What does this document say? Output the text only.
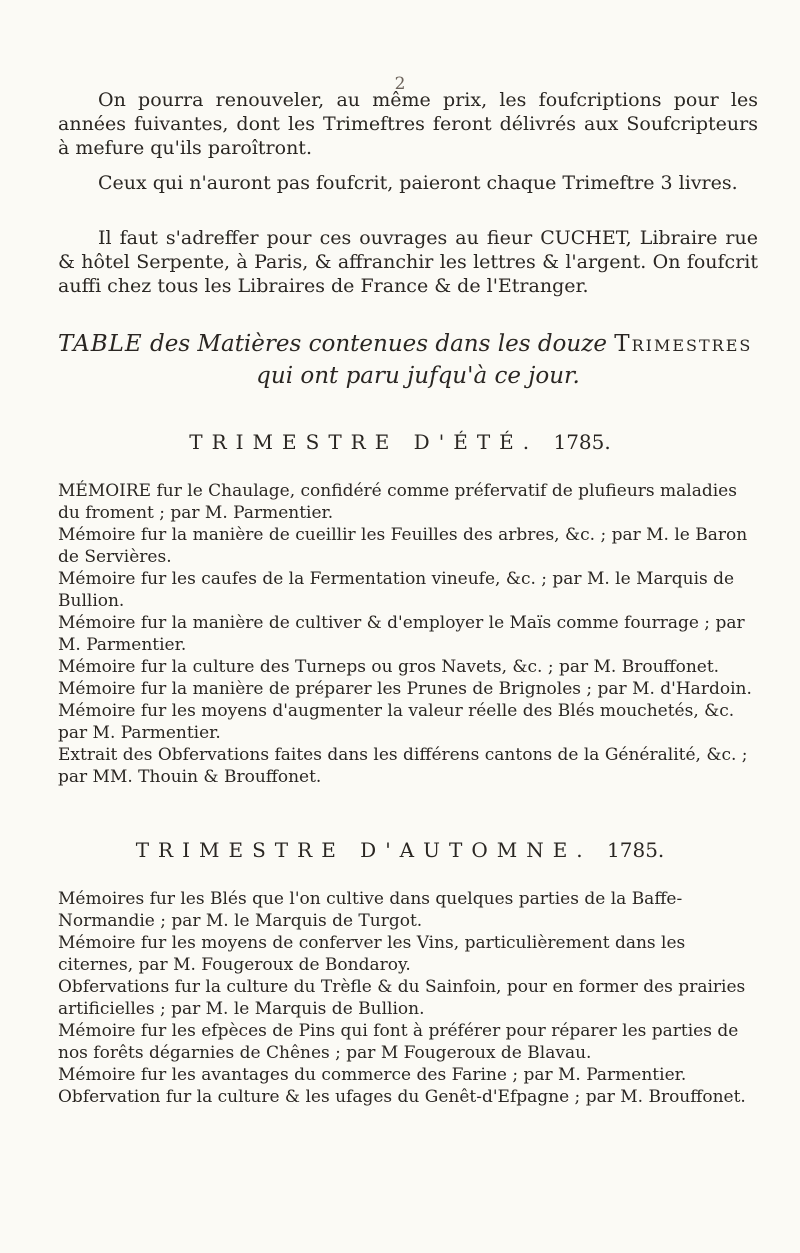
2

On pourra renouveler, au même prix, les foufcriptions pour les années fuivantes, dont les Trimeftres feront délivrés aux Soufcripteurs à mefure qu'ils paroîtront.

Ceux qui n'auront pas foufcrit, paieront chaque Trimeftre 3 livres.

Il faut s'adreffer pour ces ouvrages au fieur CUCHET, Libraire rue & hôtel Serpente, à Paris, & affranchir les lettres & l'argent. On foufcrit auffi chez tous les Libraires de France & de l'Etranger.

TABLE des Matières contenues dans les douze Trimestres
qui ont paru jufqu'à ce jour.
TRIMESTRE D'ÉTÉ. 1785.

MÉMOIRE fur le Chaulage, confidéré comme préfervatif de plufieurs maladies du froment ; par M. Parmentier.

Mémoire fur la manière de cueillir les Feuilles des arbres, &c. ; par M. le Baron de Servières.

Mémoire fur les caufes de la Fermentation vineufe, &c. ; par M. le Marquis de Bullion.

Mémoire fur la manière de cultiver & d'employer le Maïs comme fourrage ; par M. Parmentier.

Mémoire fur la culture des Turneps ou gros Navets, &c. ; par M. Brouffonet.

Mémoire fur la manière de préparer les Prunes de Brignoles ; par M. d'Hardoin.

Mémoire fur les moyens d'augmenter la valeur réelle des Blés mouchetés, &c. par M. Parmentier.

Extrait des Obfervations faites dans les différens cantons de la Généralité, &c. ; par MM. Thouin & Brouffonet.

TRIMESTRE D'AUTOMNE. 1785.

Mémoires fur les Blés que l'on cultive dans quelques parties de la Baffe-Normandie ; par M. le Marquis de Turgot.

Mémoire fur les moyens de conferver les Vins, particulièrement dans les citernes, par M. Fougeroux de Bondaroy.

Obfervations fur la culture du Trèfle & du Sainfoin, pour en former des prairies artificielles ; par M. le Marquis de Bullion.

Mémoire fur les efpèces de Pins qui font à préférer pour réparer les parties de nos forêts dégarnies de Chênes ; par M Fougeroux de Blavau.

Mémoire fur les avantages du commerce des Farine ; par M. Parmentier.

Obfervation fur la culture & les ufages du Genêt-d'Efpagne ; par M. Brouffonet.
